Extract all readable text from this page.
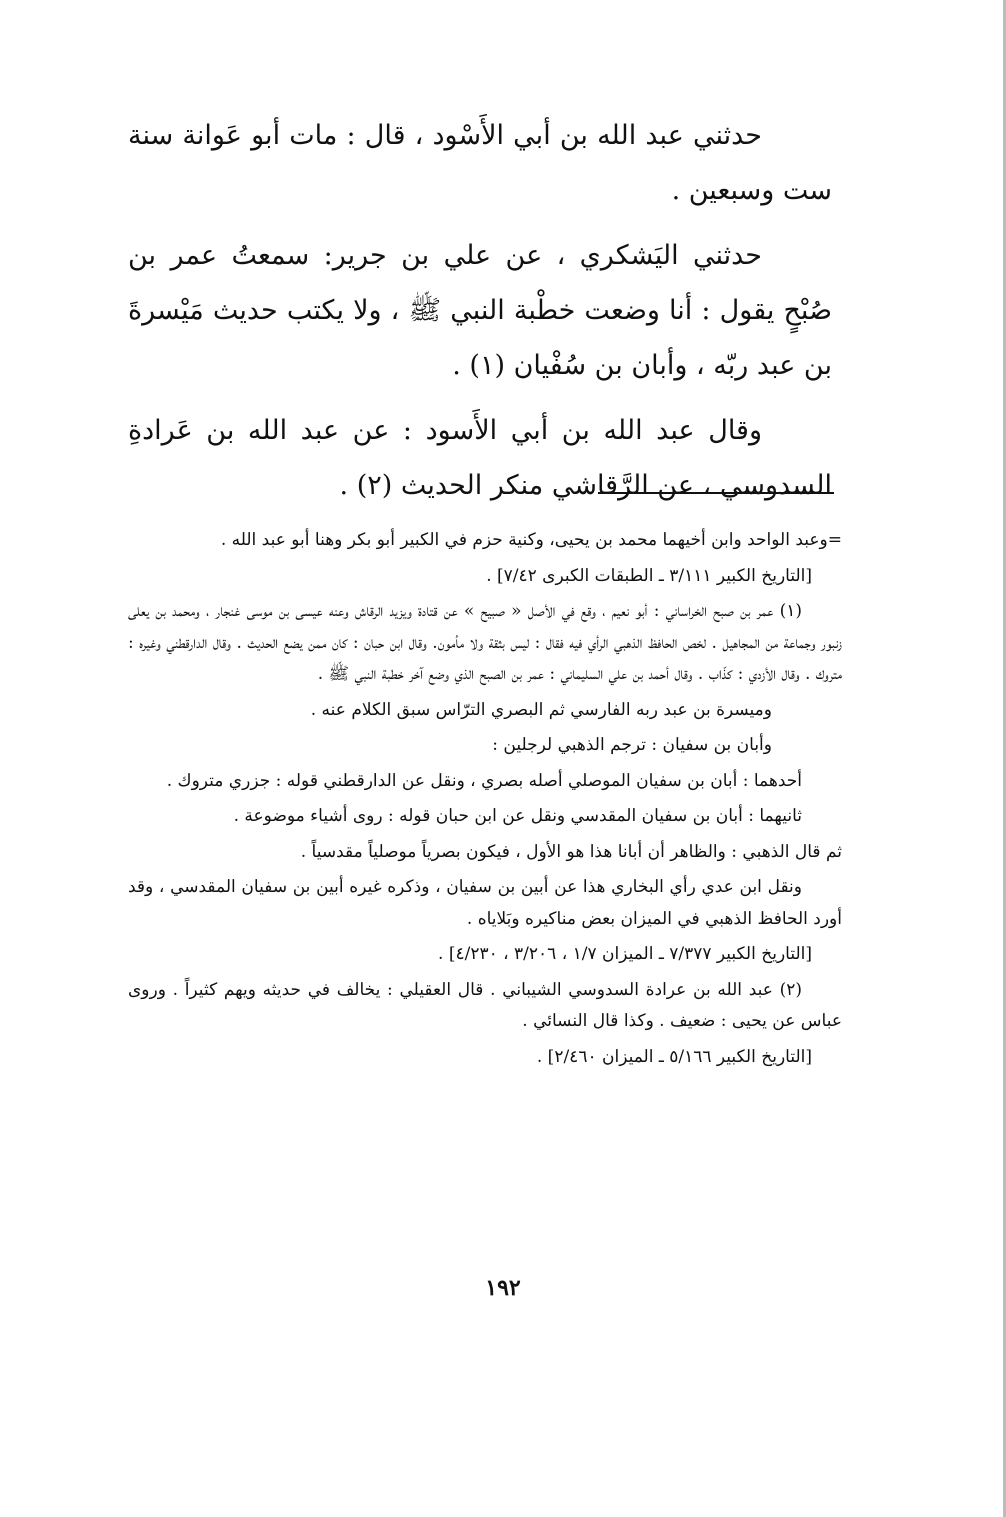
حدثني عبد الله بن أبي الأَسْود ، قال : مات أبو عَوانة سنة ست وسبعين .

حدثني اليَشكري ، عن علي بن جرير: سمعتُ عمر بن صُبْحٍ يقول : أنا وضعت خطْبة النبي ﷺ ، ولا يكتب حديث مَيْسرةَ بن عبد ربّه ، وأبان بن سُفْيان (١) .

وقال عبد الله بن أبي الأَسود : عن عبد الله بن عَرادةِ السدوسي ، عن الرَّقاشي منكر الحديث (٢) .

=وعبد الواحد وابن أخيهما محمد بن يحيى، وكنية حزم في الكبير أبو بكر وهنا أبو عبد الله .

[التاريخ الكبير ٣/١١١ ـ الطبقات الكبرى ٧/٤٢] .

(١) عمر بن صبح الخراساني : أبو نعيم ، وقع في الأصل « صبيح » عن قتادة ويزيد الرقاش وعنه عيسى بن موسى غنجار ، ومحمد بن يعلى زنبور وجماعة من المجاهيل . لخص الحافظ الذهبي الرأي فيه فقال : ليس بثقة ولا مأمون. وقال ابن حبان : كان ممن يضع الحديث . وقال الدارقطني وغيره : متروك . وقال الأزدي : كذّاب . وقال أحمد بن علي السليماني : عمر بن الصبح الذي وضع آخر خطبة النبي ﷺ .

وميسرة بن عبد ربه الفارسي ثم البصري الترّاس سبق الكلام عنه .

وأبان بن سفيان : ترجم الذهبي لرجلين :

أحدهما : أبان بن سفيان الموصلي أصله بصري ، ونقل عن الدارقطني قوله : جزري متروك .

ثانيهما : أبان بن سفيان المقدسي ونقل عن ابن حبان قوله : روى أشياء موضوعة .

ثم قال الذهبي : والظاهر أن أبانا هذا هو الأول ، فيكون بصرياً موصلياً مقدسياً .

ونقل ابن عدي رأي البخاري هذا عن أبين بن سفيان ، وذكره غيره أبين بن سفيان المقدسي ، وقد أورد الحافظ الذهبي في الميزان بعض مناكيره وبَلاياه .

[التاريخ الكبير ٧/٣٧٧ ـ الميزان ١/٧ ، ٣/٢٠٦ ، ٤/٢٣٠] .

(٢) عبد الله بن عرادة السدوسي الشيباني . قال العقيلي : يخالف في حديثه ويهم كثيراً . وروى عباس عن يحيى : ضعيف . وكذا قال النسائي .

[التاريخ الكبير ٥/١٦٦ ـ الميزان ٢/٤٦٠] .

١٩٢
